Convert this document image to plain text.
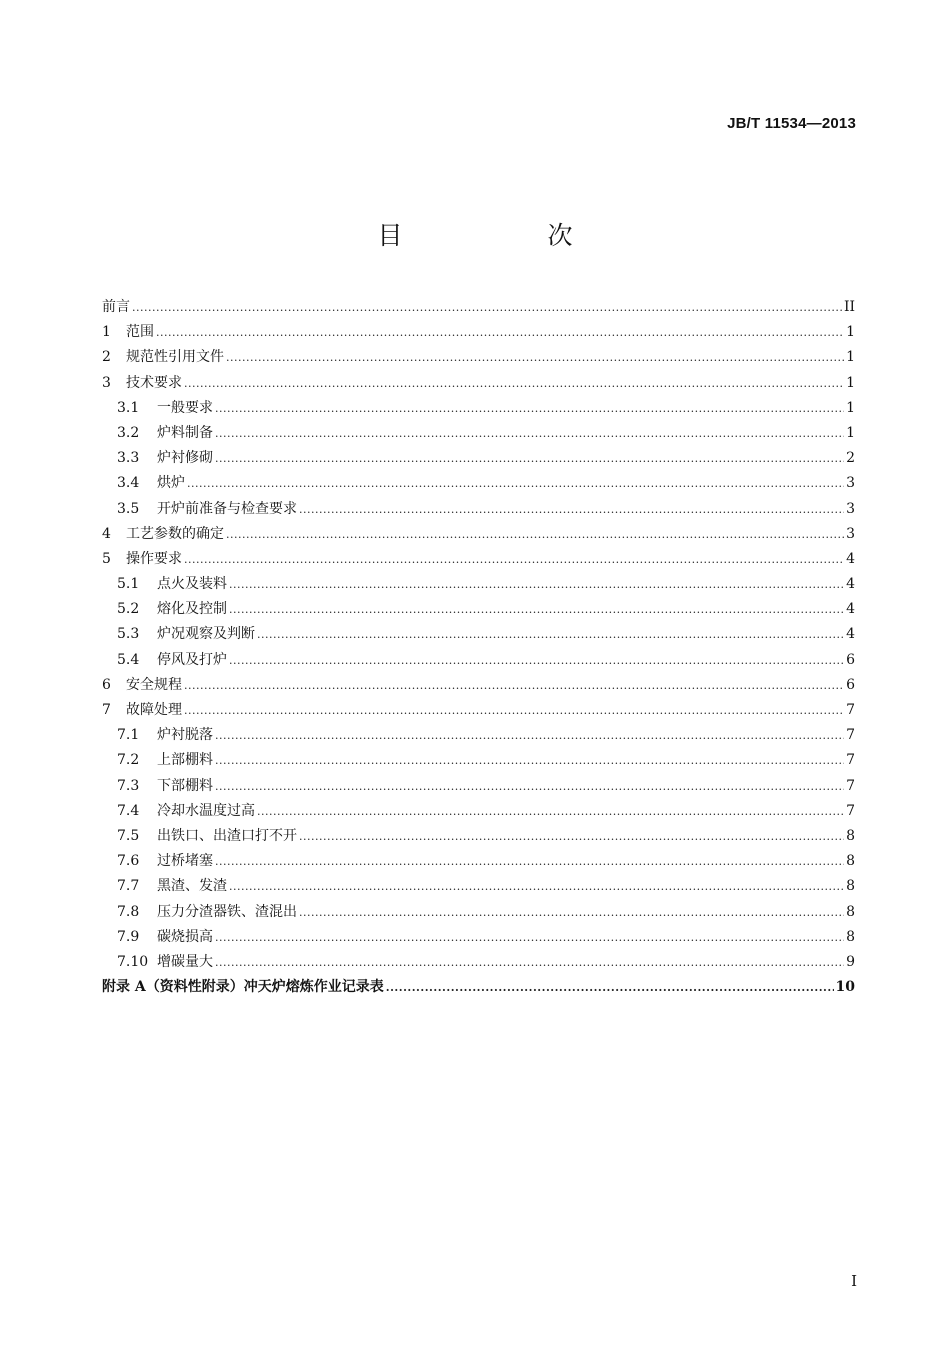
JB/T 11534—2013
目　次
前言 .....	II
1	范围 .....	1
2	规范性引用文件 .....	1
3	技术要求 .....	1
3.1	一般要求 .....	1
3.2	炉料制备 .....	1
3.3	炉衬修砌 .....	2
3.4	烘炉 .....	3
3.5	开炉前准备与检查要求 .....	3
4	工艺参数的确定 .....	3
5	操作要求 .....	4
5.1	点火及装料 .....	4
5.2	熔化及控制 .....	4
5.3	炉况观察及判断 .....	4
5.4	停风及打炉 .....	6
6	安全规程 .....	6
7	故障处理 .....	7
7.1	炉衬脱落 .....	7
7.2	上部棚料 .....	7
7.3	下部棚料 .....	7
7.4	冷却水温度过高 .....	7
7.5	出铁口、出渣口打不开 .....	8
7.6	过桥堵塞 .....	8
7.7	黑渣、发渣 .....	8
7.8	压力分渣器铁、渣混出 .....	8
7.9	碳烧损高 .....	8
7.10 增碳量大 .....	9
附录 A（资料性附录）冲天炉熔炼作业记录表 .....	10
I
